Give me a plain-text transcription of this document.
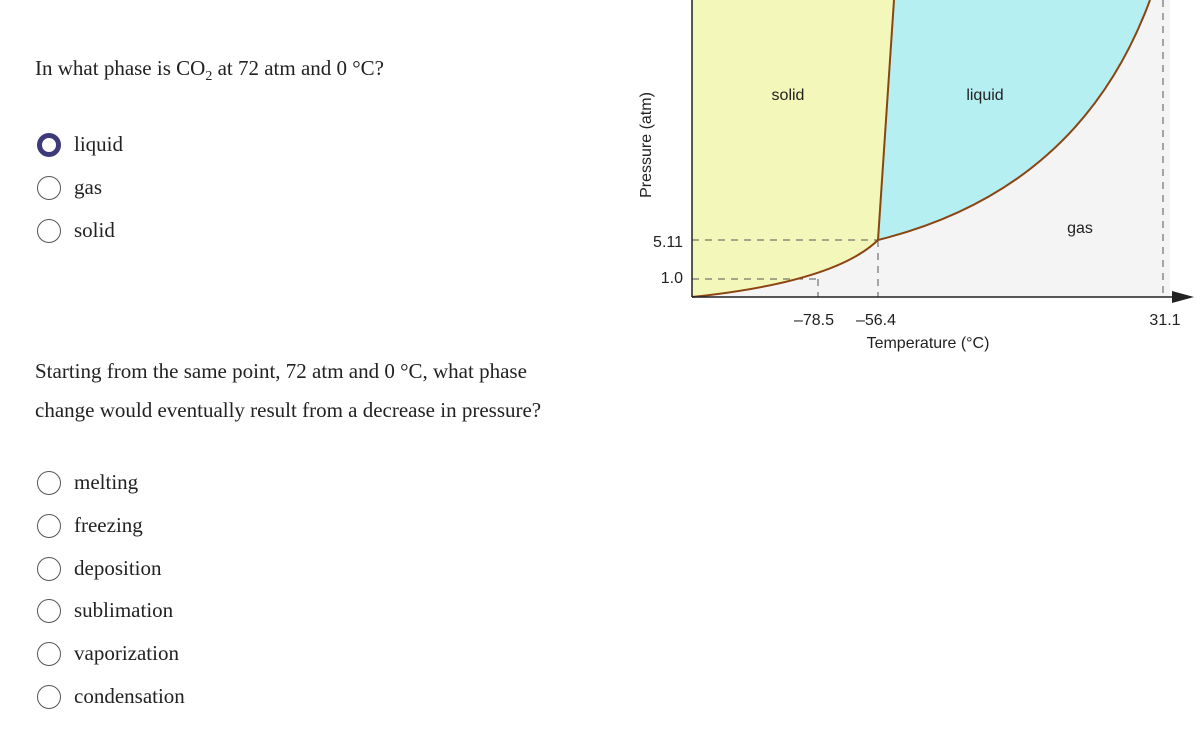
In what phase is $CO_2$ at 72 atm and 0 °C?
liquid
gas
solid
Starting from the same point, 72 atm and 0 °C, what phase change would eventually result from a decrease in pressure?
melting
freezing
deposition
sublimation
vaporization
condensation
solid	liquid
gas
5.11
1.0
–78.5 –56.4	31.1
Temperature (°C)
Pressure (atm)
